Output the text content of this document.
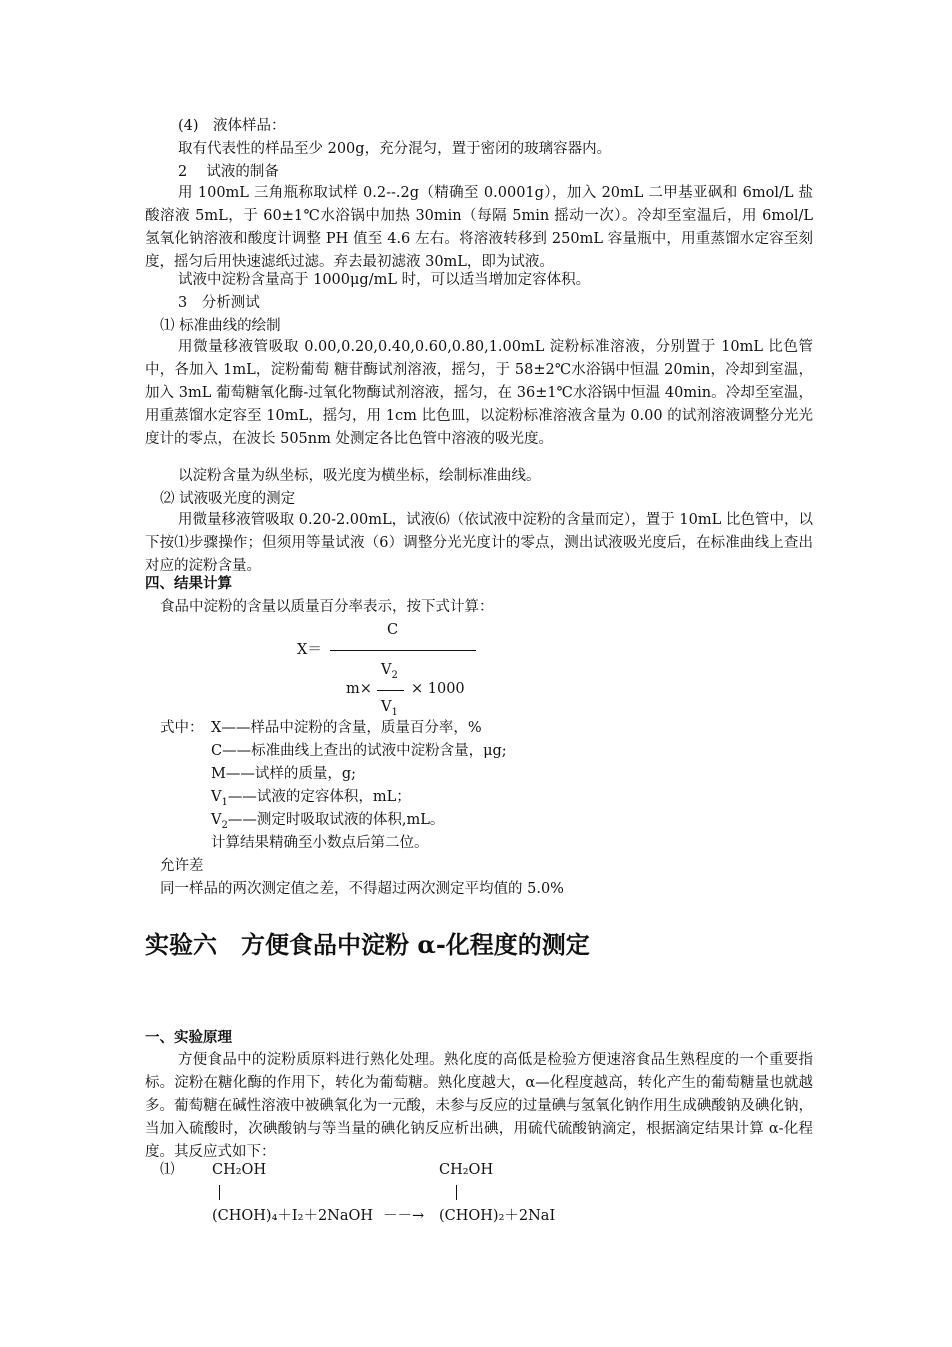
(4)　液体样品：
取有代表性的样品至少 200g，充分混匀，置于密闭的玻璃容器内。
2　 试液的制备
用 100mL 三角瓶称取试样 0.2--.2g（精确至 0.0001g），加入 20mL 二甲基亚砜和 6mol/L 盐酸溶液 5mL，于 60±1℃水浴锅中加热 30min（每隔 5min 摇动一次）。冷却至室温后，用 6mol/L 氢氧化钠溶液和酸度计调整 PH 值至 4.6 左右。将溶液转移到 250mL 容量瓶中，用重蒸馏水定容至刻度，摇匀后用快速滤纸过滤。弃去最初滤液 30mL，即为试液。
试液中淀粉含量高于 1000μg/mL 时，可以适当增加定容体积。
3　分析测试
⑴ 标准曲线的绘制
用微量移液管吸取 0.00,0.20,0.40,0.60,0.80,1.00mL 淀粉标准溶液，分别置于 10mL 比色管中，各加入 1mL，淀粉葡萄 糖苷酶试剂溶液，摇匀，于 58±2℃水浴锅中恒温 20min，冷却到室温，加入 3mL 葡萄糖氧化酶-过氧化物酶试剂溶液，摇匀，在 36±1℃水浴锅中恒温 40min。冷却至室温，用重蒸馏水定容至 10mL，摇匀，用 1cm 比色皿，以淀粉标准溶液含量为 0.00 的试剂溶液调整分光光度计的零点，在波长 505nm 处测定各比色管中溶液的吸光度。
以淀粉含量为纵坐标，吸光度为横坐标，绘制标准曲线。
⑵ 试液吸光度的测定
用微量移液管吸取 0.20-2.00mL，试液⑹（依试液中淀粉的含量而定），置于 10mL 比色管中，以下按⑴步骤操作；但须用等量试液（6）调整分光光度计的零点，测出试液吸光度后，在标准曲线上查出对应的淀粉含量。
四、结果计算
食品中淀粉的含量以质量百分率表示，按下式计算：
C
X＝
$V_2$
m×	× 1000
$V_1$
式中： X——样品中淀粉的含量，质量百分率，%
C——标准曲线上查出的试液中淀粉含量，μg;
M——试样的质量，g;
$V_1——$试液的定容体积，mL；
$V_2——$测定时吸取试液的体积,mL。
计算结果精确至小数点后第二位。
允许差
同一样品的两次测定值之差，不得超过两次测定平均值的 5.0%
实验六　方便食品中淀粉 α-化程度的测定
一、实验原理
方便食品中的淀粉质原料进行熟化处理。熟化度的高低是检验方便速溶食品生熟程度的一个重要指标。淀粉在糖化酶的作用下，转化为葡萄糖。熟化度越大，α—化程度越高，转化产生的葡萄糖量也就越多。葡萄糖在碱性溶液中被碘氧化为一元酸，未参与反应的过量碘与氢氧化钠作用生成碘酸钠及碘化钠，当加入硫酸时，次碘酸钠与等当量的碘化钠反应析出碘，用硫代硫酸钠滴定，根据滴定结果计算 α-化程度。其反应式如下：
⑴	CH₂OH	CH₂OH
(CHOH)₄＋I₂＋2NaOH －－→ (CHOH)₂＋2NaI
